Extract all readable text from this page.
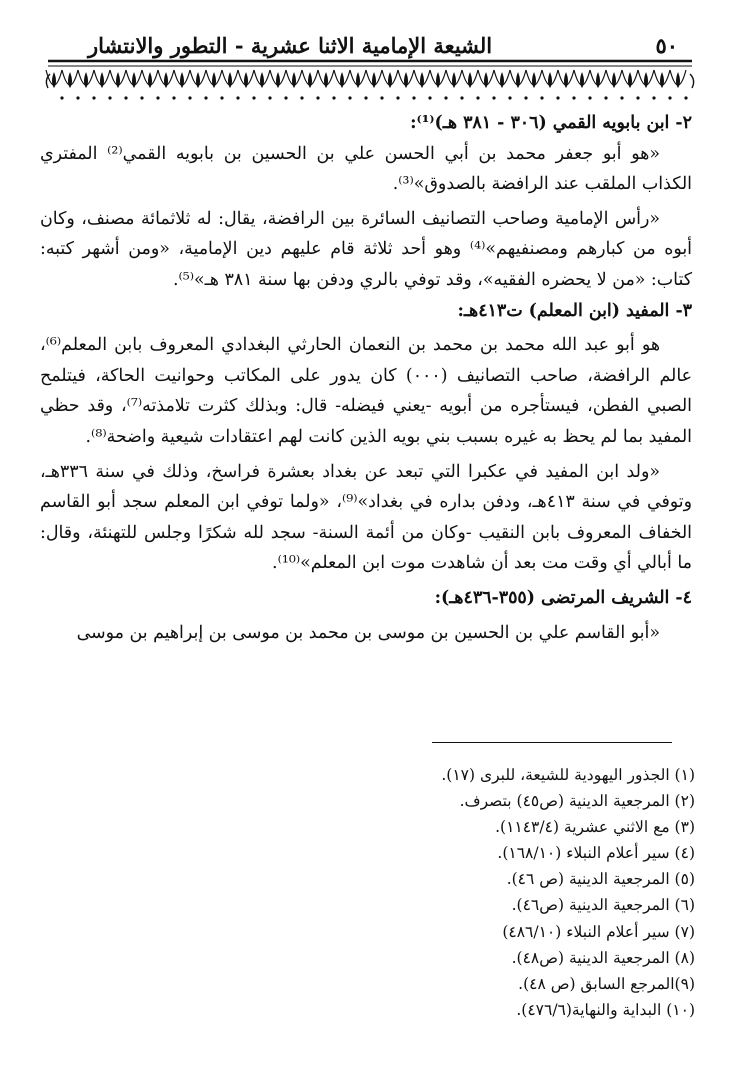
٥٠
الشيعة الإمامية الاثنا عشرية - التطور والانتشار

٢- ابن بابويه القمي (٣٠٦ - ٣٨١ هـ)⁽¹⁾:

«هو أبو جعفر محمد بن أبي الحسن علي بن الحسين بن بابويه القمي⁽²⁾ المفتري الكذاب الملقب عند الرافضة بالصدوق»⁽³⁾.

«رأس الإمامية وصاحب التصانيف السائرة بين الرافضة، يقال: له ثلاثمائة مصنف، وكان أبوه من كبارهم ومصنفيهم»⁽⁴⁾ وهو أحد ثلاثة قام عليهم دين الإمامية، «ومن أشهر كتبه: كتاب: «من لا يحضره الفقيه»، وقد توفي بالري ودفن بها سنة ٣٨١ هـ»⁽⁵⁾.

٣- المفيد (ابن المعلم) ت٤١٣هـ:

هو أبو عبد الله محمد بن محمد بن النعمان الحارثي البغدادي المعروف بابن المعلم⁽⁶⁾، عالم الرافضة، صاحب التصانيف (٠٠٠) كان يدور على المكاتب وحوانيت الحاكة، فيتلمح الصبي الفطن، فيستأجره من أبويه -يعني فيضله- قال: وبذلك كثرت تلامذته⁽⁷⁾، وقد حظي المفيد بما لم يحظ به غيره بسبب بني بويه الذين كانت لهم اعتقادات شيعية واضحة⁽⁸⁾.

«ولد ابن المفيد في عكبرا التي تبعد عن بغداد بعشرة فراسخ، وذلك في سنة ٣٣٦هـ، وتوفي في سنة ٤١٣هـ، ودفن بداره في بغداد»⁽⁹⁾، «ولما توفي ابن المعلم سجد أبو القاسم الخفاف المعروف بابن النقيب -وكان من أئمة السنة- سجد لله شكرًا وجلس للتهنئة، وقال: ما أبالي أي وقت مت بعد أن شاهدت موت ابن المعلم»⁽¹⁰⁾.

٤- الشريف المرتضى (٣٥٥-٤٣٦هـ):

«أبو القاسم علي بن الحسين بن موسى بن محمد بن موسى بن إبراهيم بن موسى

(١) الجذور اليهودية للشيعة، للبرى (١٧).

(٢) المرجعية الدينية (ص٤٥) بتصرف.

(٣) مع الاثني عشرية (١١٤٣/٤).

(٤) سير أعلام النبلاء (١٦٨/١٠).

(٥) المرجعية الدينية (ص ٤٦).

(٦) المرجعية الدينية (ص٤٦).

(٧) سير أعلام النبلاء (٤٨٦/١٠)

(٨) المرجعية الدينية (ص٤٨).

(٩)المرجع السابق (ص ٤٨).

(١٠) البداية والنهاية(٤٧٦/٦).
